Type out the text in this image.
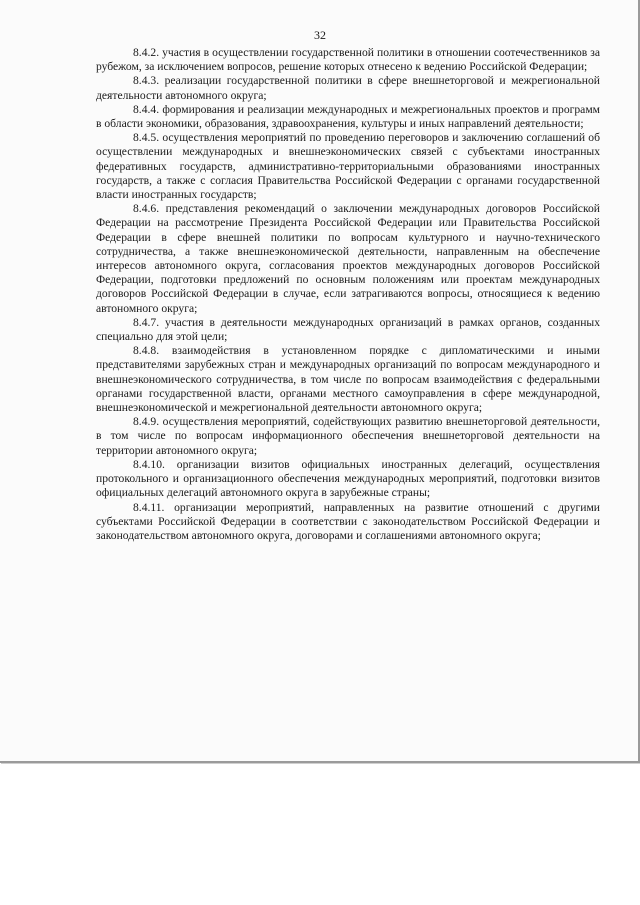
32

8.4.2. участия в осуществлении государственной политики в отношении соотечественников за рубежом, за исключением вопросов, решение которых отнесено к ведению Российской Федерации;

8.4.3. реализации государственной политики в сфере внешнеторговой и межрегиональной деятельности автономного округа;

8.4.4. формирования и реализации международных и межрегиональных проектов и программ в области экономики, образования, здравоохранения, культуры и иных направлений деятельности;

8.4.5. осуществления мероприятий по проведению переговоров и заключению соглашений об осуществлении международных и внешнеэкономических связей с субъектами иностранных федеративных государств, административно-территориальными образованиями иностранных государств, а также с согласия Правительства Российской Федерации с органами государственной власти иностранных государств;

8.4.6. представления рекомендаций о заключении международных договоров Российской Федерации на рассмотрение Президента Российской Федерации или Правительства Российской Федерации в сфере внешней политики по вопросам культурного и научно-технического сотрудничества, а также внешнеэкономической деятельности, направленным на обеспечение интересов автономного округа, согласования проектов международных договоров Российской Федерации, подготовки предложений по основным положениям или проектам международных договоров Российской Федерации в случае, если затрагиваются вопросы, относящиеся к ведению автономного округа;

8.4.7. участия в деятельности международных организаций в рамках органов, созданных специально для этой цели;

8.4.8. взаимодействия в установленном порядке с дипломатическими и иными представителями зарубежных стран и международных организаций по вопросам международного и внешнеэкономического сотрудничества, в том числе по вопросам взаимодействия с федеральными органами государственной власти, органами местного самоуправления в сфере международной, внешнеэкономической и межрегиональной деятельности автономного округа;

8.4.9. осуществления мероприятий, содействующих развитию внешнеторговой деятельности, в том числе по вопросам информационного обеспечения внешнеторговой деятельности на территории автономного округа;

8.4.10. организации визитов официальных иностранных делегаций, осуществления протокольного и организационного обеспечения международных мероприятий, подготовки визитов официальных делегаций автономного округа в зарубежные страны;

8.4.11. организации мероприятий, направленных на развитие отношений с другими субъектами Российской Федерации в соответствии с законодательством Российской Федерации и законодательством автономного округа, договорами и соглашениями автономного округа;
